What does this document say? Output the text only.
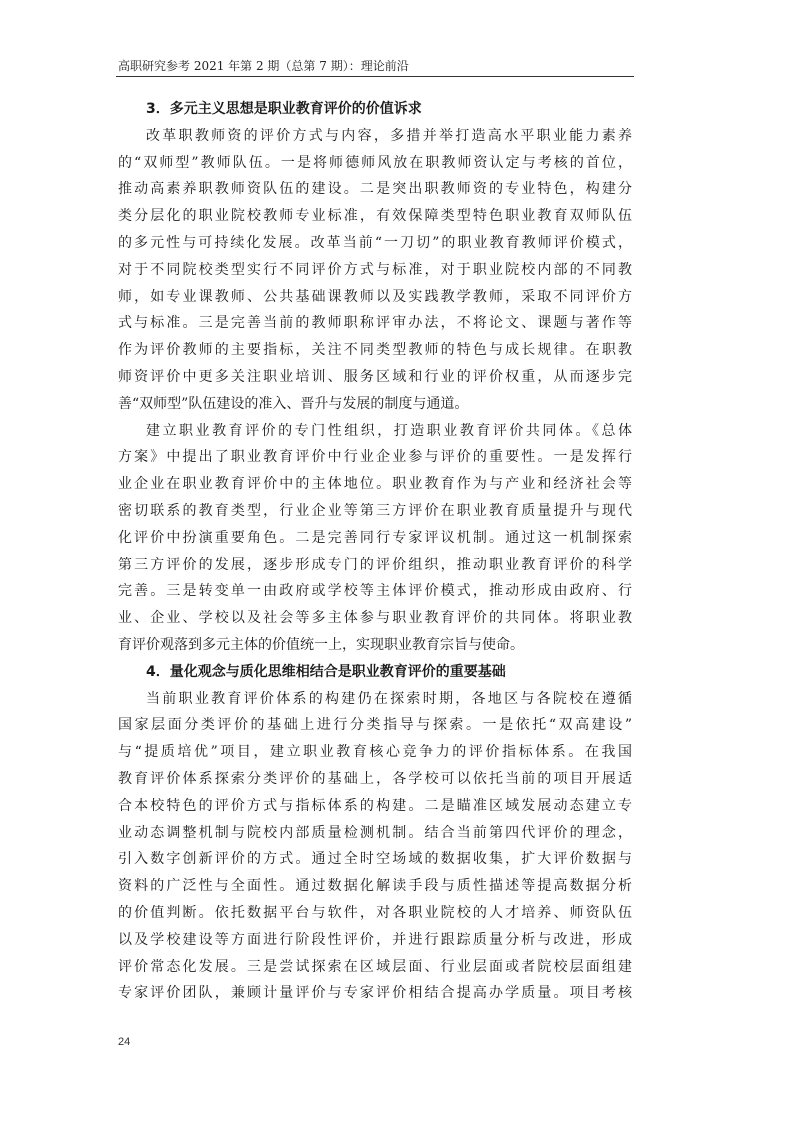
高职研究参考 2021 年第 2 期（总第 7 期）：理论前沿
3．多元主义思想是职业教育评价的价值诉求
改革职教师资的评价方式与内容，多措并举打造高水平职业能力素养
的“双师型”教师队伍。一是将师德师风放在职教师资认定与考核的首位，
推动高素养职教师资队伍的建设。二是突出职教师资的专业特色，构建分
类分层化的职业院校教师专业标准，有效保障类型特色职业教育双师队伍
的多元性与可持续化发展。改革当前“一刀切”的职业教育教师评价模式，
对于不同院校类型实行不同评价方式与标准，对于职业院校内部的不同教
师，如专业课教师、公共基础课教师以及实践教学教师，采取不同评价方
式与标准。三是完善当前的教师职称评审办法，不将论文、课题与著作等
作为评价教师的主要指标，关注不同类型教师的特色与成长规律。在职教
师资评价中更多关注职业培训、服务区域和行业的评价权重，从而逐步完
善“双师型”队伍建设的准入、晋升与发展的制度与通道。
建立职业教育评价的专门性组织，打造职业教育评价共同体。《总体
方案》中提出了职业教育评价中行业企业参与评价的重要性。一是发挥行
业企业在职业教育评价中的主体地位。职业教育作为与产业和经济社会等
密切联系的教育类型，行业企业等第三方评价在职业教育质量提升与现代
化评价中扮演重要角色。二是完善同行专家评议机制。通过这一机制探索
第三方评价的发展，逐步形成专门的评价组织，推动职业教育评价的科学
完善。三是转变单一由政府或学校等主体评价模式，推动形成由政府、行
业、企业、学校以及社会等多主体参与职业教育评价的共同体。将职业教
育评价观落到多元主体的价值统一上，实现职业教育宗旨与使命。
4．量化观念与质化思维相结合是职业教育评价的重要基础
当前职业教育评价体系的构建仍在探索时期，各地区与各院校在遵循
国家层面分类评价的基础上进行分类指导与探索。一是依托“双高建设”
与“提质培优”项目，建立职业教育核心竞争力的评价指标体系。在我国
教育评价体系探索分类评价的基础上，各学校可以依托当前的项目开展适
合本校特色的评价方式与指标体系的构建。二是瞄准区域发展动态建立专
业动态调整机制与院校内部质量检测机制。结合当前第四代评价的理念，
引入数字创新评价的方式。通过全时空场域的数据收集，扩大评价数据与
资料的广泛性与全面性。通过数据化解读手段与质性描述等提高数据分析
的价值判断。依托数据平台与软件，对各职业院校的人才培养、师资队伍
以及学校建设等方面进行阶段性评价，并进行跟踪质量分析与改进，形成
评价常态化发展。三是尝试探索在区域层面、行业层面或者院校层面组建
专家评价团队，兼顾计量评价与专家评价相结合提高办学质量。项目考核
24
